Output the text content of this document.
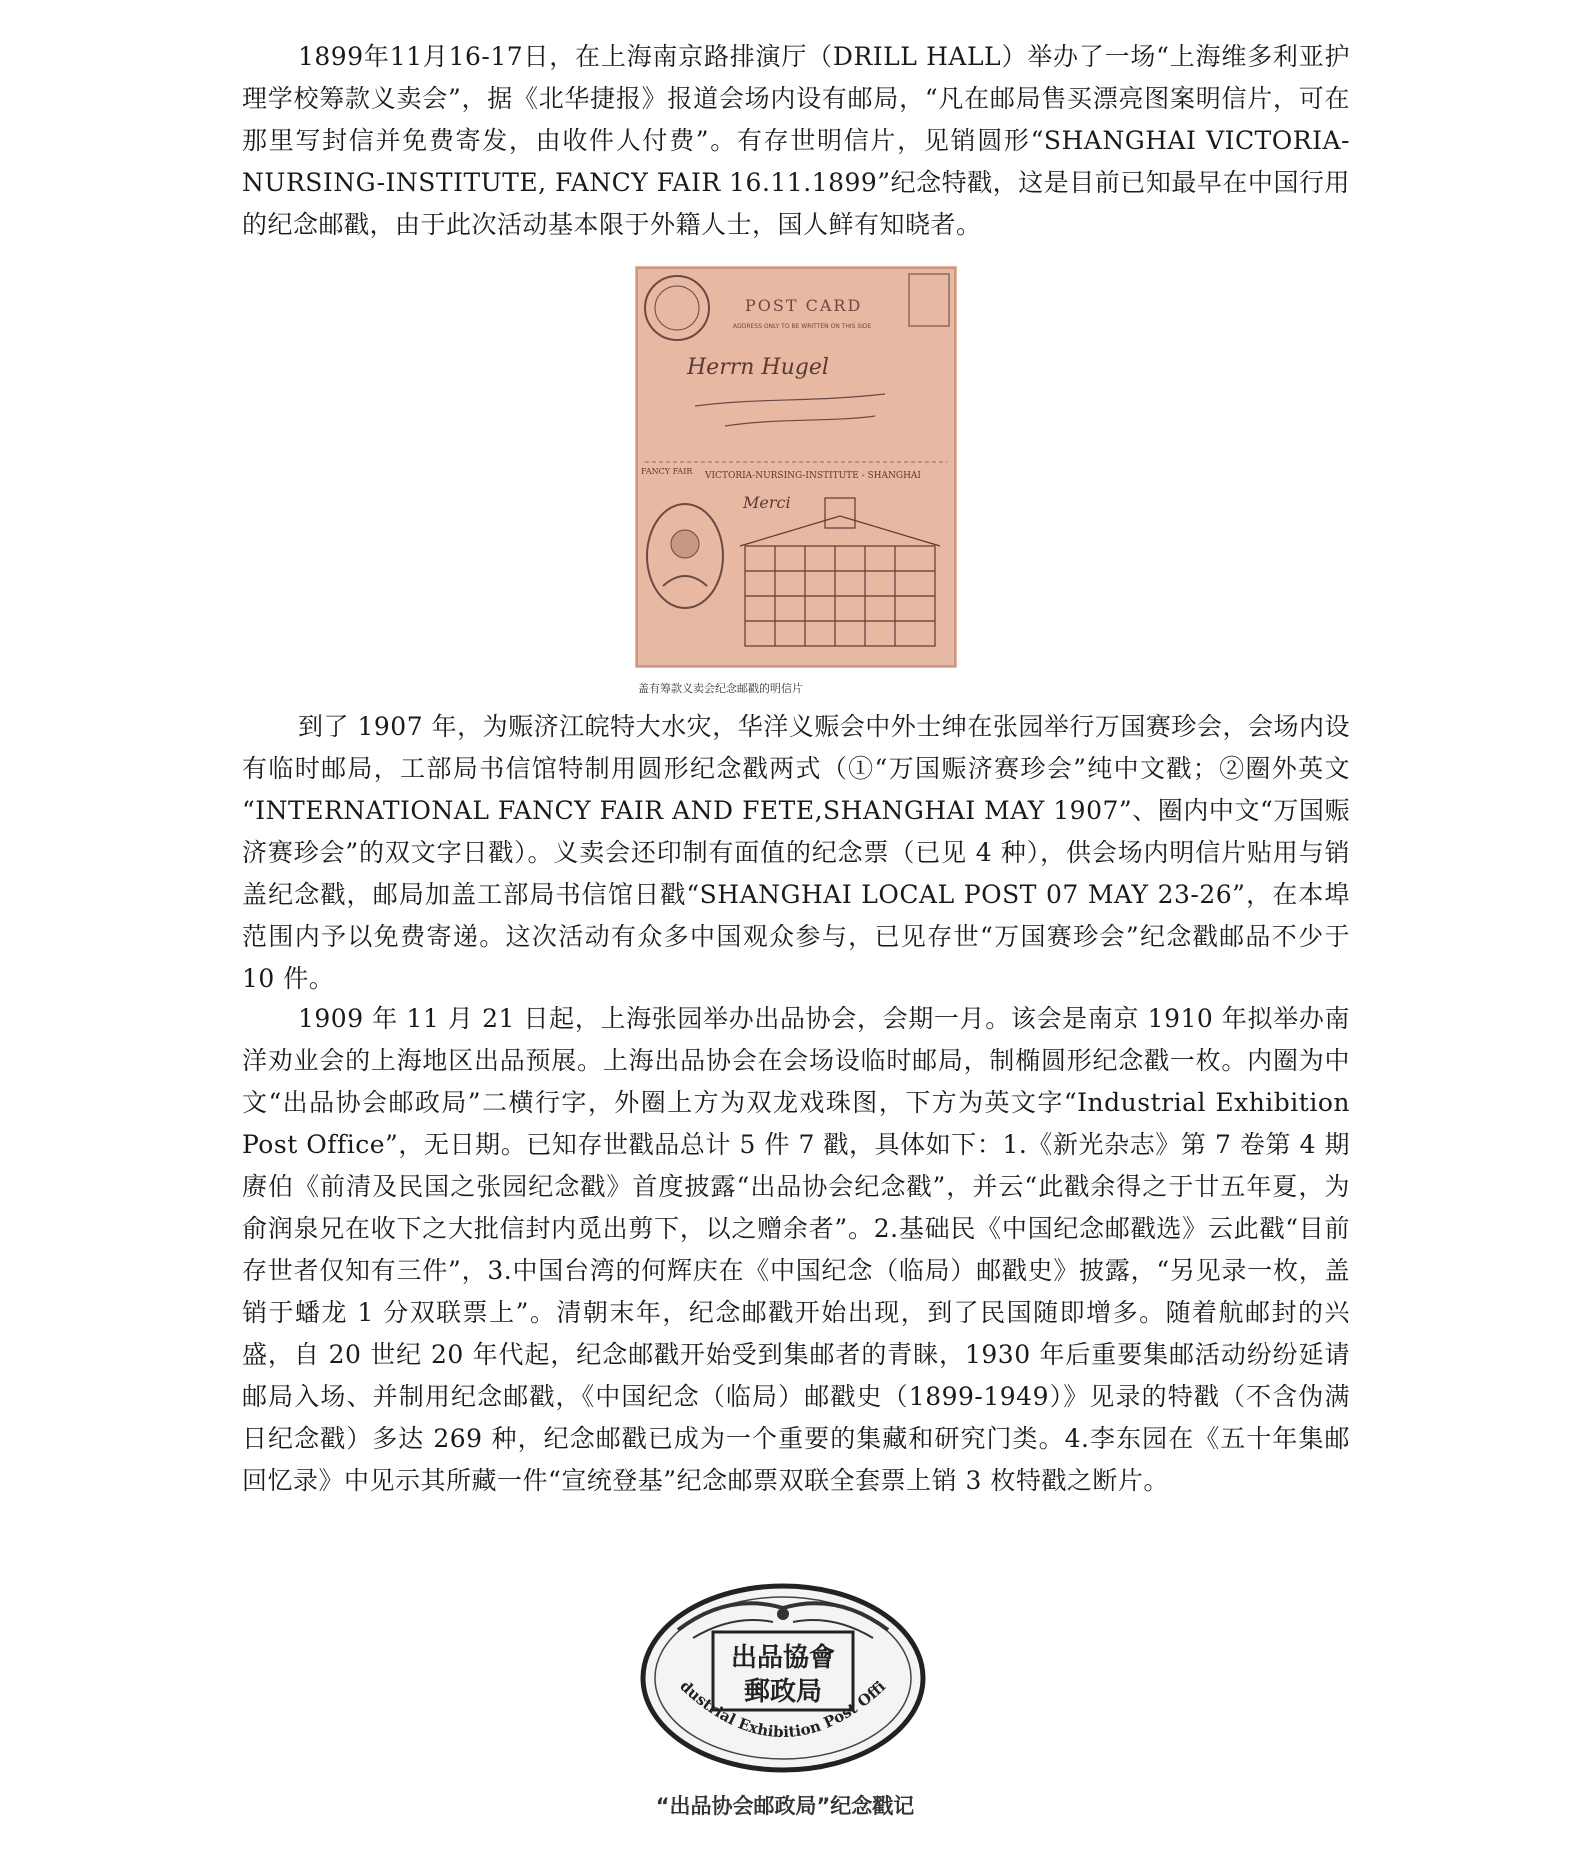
1899年11月16-17日，在上海南京路排演厅（DRILL HALL）举办了一场“上海维多利亚护理学校筹款义卖会”，据《北华捷报》报道会场内设有邮局，“凡在邮局售买漂亮图案明信片，可在那里写封信并免费寄发，由收件人付费”。有存世明信片，见销圆形“SHANGHAI VICTORIA-NURSING-INSTITUTE, FANCY FAIR 16.11.1899”纪念特戳，这是目前已知最早在中国行用的纪念邮戳，由于此次活动基本限于外籍人士，国人鲜有知晓者。

POST CARD
ADDRESS ONLY TO BE WRITTEN ON THIS SIDE
Herrn Hugel
VICTORIA-NURSING-INSTITUTE - SHANGHAI
FANCY FAIR
Merci

盖有筹款义卖会纪念邮戳的明信片

到了 1907 年，为赈济江皖特大水灾，华洋义赈会中外士绅在张园举行万国赛珍会，会场内设有临时邮局，工部局书信馆特制用圆形纪念戳两式（①“万国赈济赛珍会”纯中文戳；②圈外英文 “INTERNATIONAL FANCY FAIR AND FETE,SHANGHAI MAY 1907”、圈内中文“万国赈济赛珍会”的双文字日戳）。义卖会还印制有面值的纪念票（已见 4 种），供会场内明信片贴用与销盖纪念戳，邮局加盖工部局书信馆日戳“SHANGHAI LOCAL POST 07 MAY 23-26”，在本埠范围内予以免费寄递。这次活动有众多中国观众参与，已见存世“万国赛珍会”纪念戳邮品不少于 10 件。

1909 年 11 月 21 日起，上海张园举办出品协会，会期一月。该会是南京 1910 年拟举办南洋劝业会的上海地区出品预展。上海出品协会在会场设临时邮局，制椭圆形纪念戳一枚。内圈为中文“出品协会邮政局”二横行字，外圈上方为双龙戏珠图，下方为英文字“Industrial Exhibition Post Office”，无日期。已知存世戳品总计 5 件 7 戳，具体如下：1.《新光杂志》第 7 卷第 4 期赓伯《前清及民国之张园纪念戳》首度披露“出品协会纪念戳”，并云“此戳余得之于廿五年夏，为俞润泉兄在收下之大批信封内觅出剪下，以之赠余者”。2.基础民《中国纪念邮戳选》云此戳“目前存世者仅知有三件”，3.中国台湾的何辉庆在《中国纪念（临局）邮戳史》披露，“另见录一枚，盖销于蟠龙 1 分双联票上”。清朝末年，纪念邮戳开始出现，到了民国随即增多。随着航邮封的兴盛，自 20 世纪 20 年代起，纪念邮戳开始受到集邮者的青睐，1930 年后重要集邮活动纷纷延请邮局入场、并制用纪念邮戳，《中国纪念（临局）邮戳史（1899-1949）》见录的特戳（不含伪满日纪念戳）多达 269 种，纪念邮戳已成为一个重要的集藏和研究门类。4.李东园在《五十年集邮回忆录》中见示其所藏一件“宣统登基”纪念邮票双联全套票上销 3 枚特戳之断片。

出品協會
郵政局
dustrial Exhibition Post Office

“出品协会邮政局”纪念戳记
